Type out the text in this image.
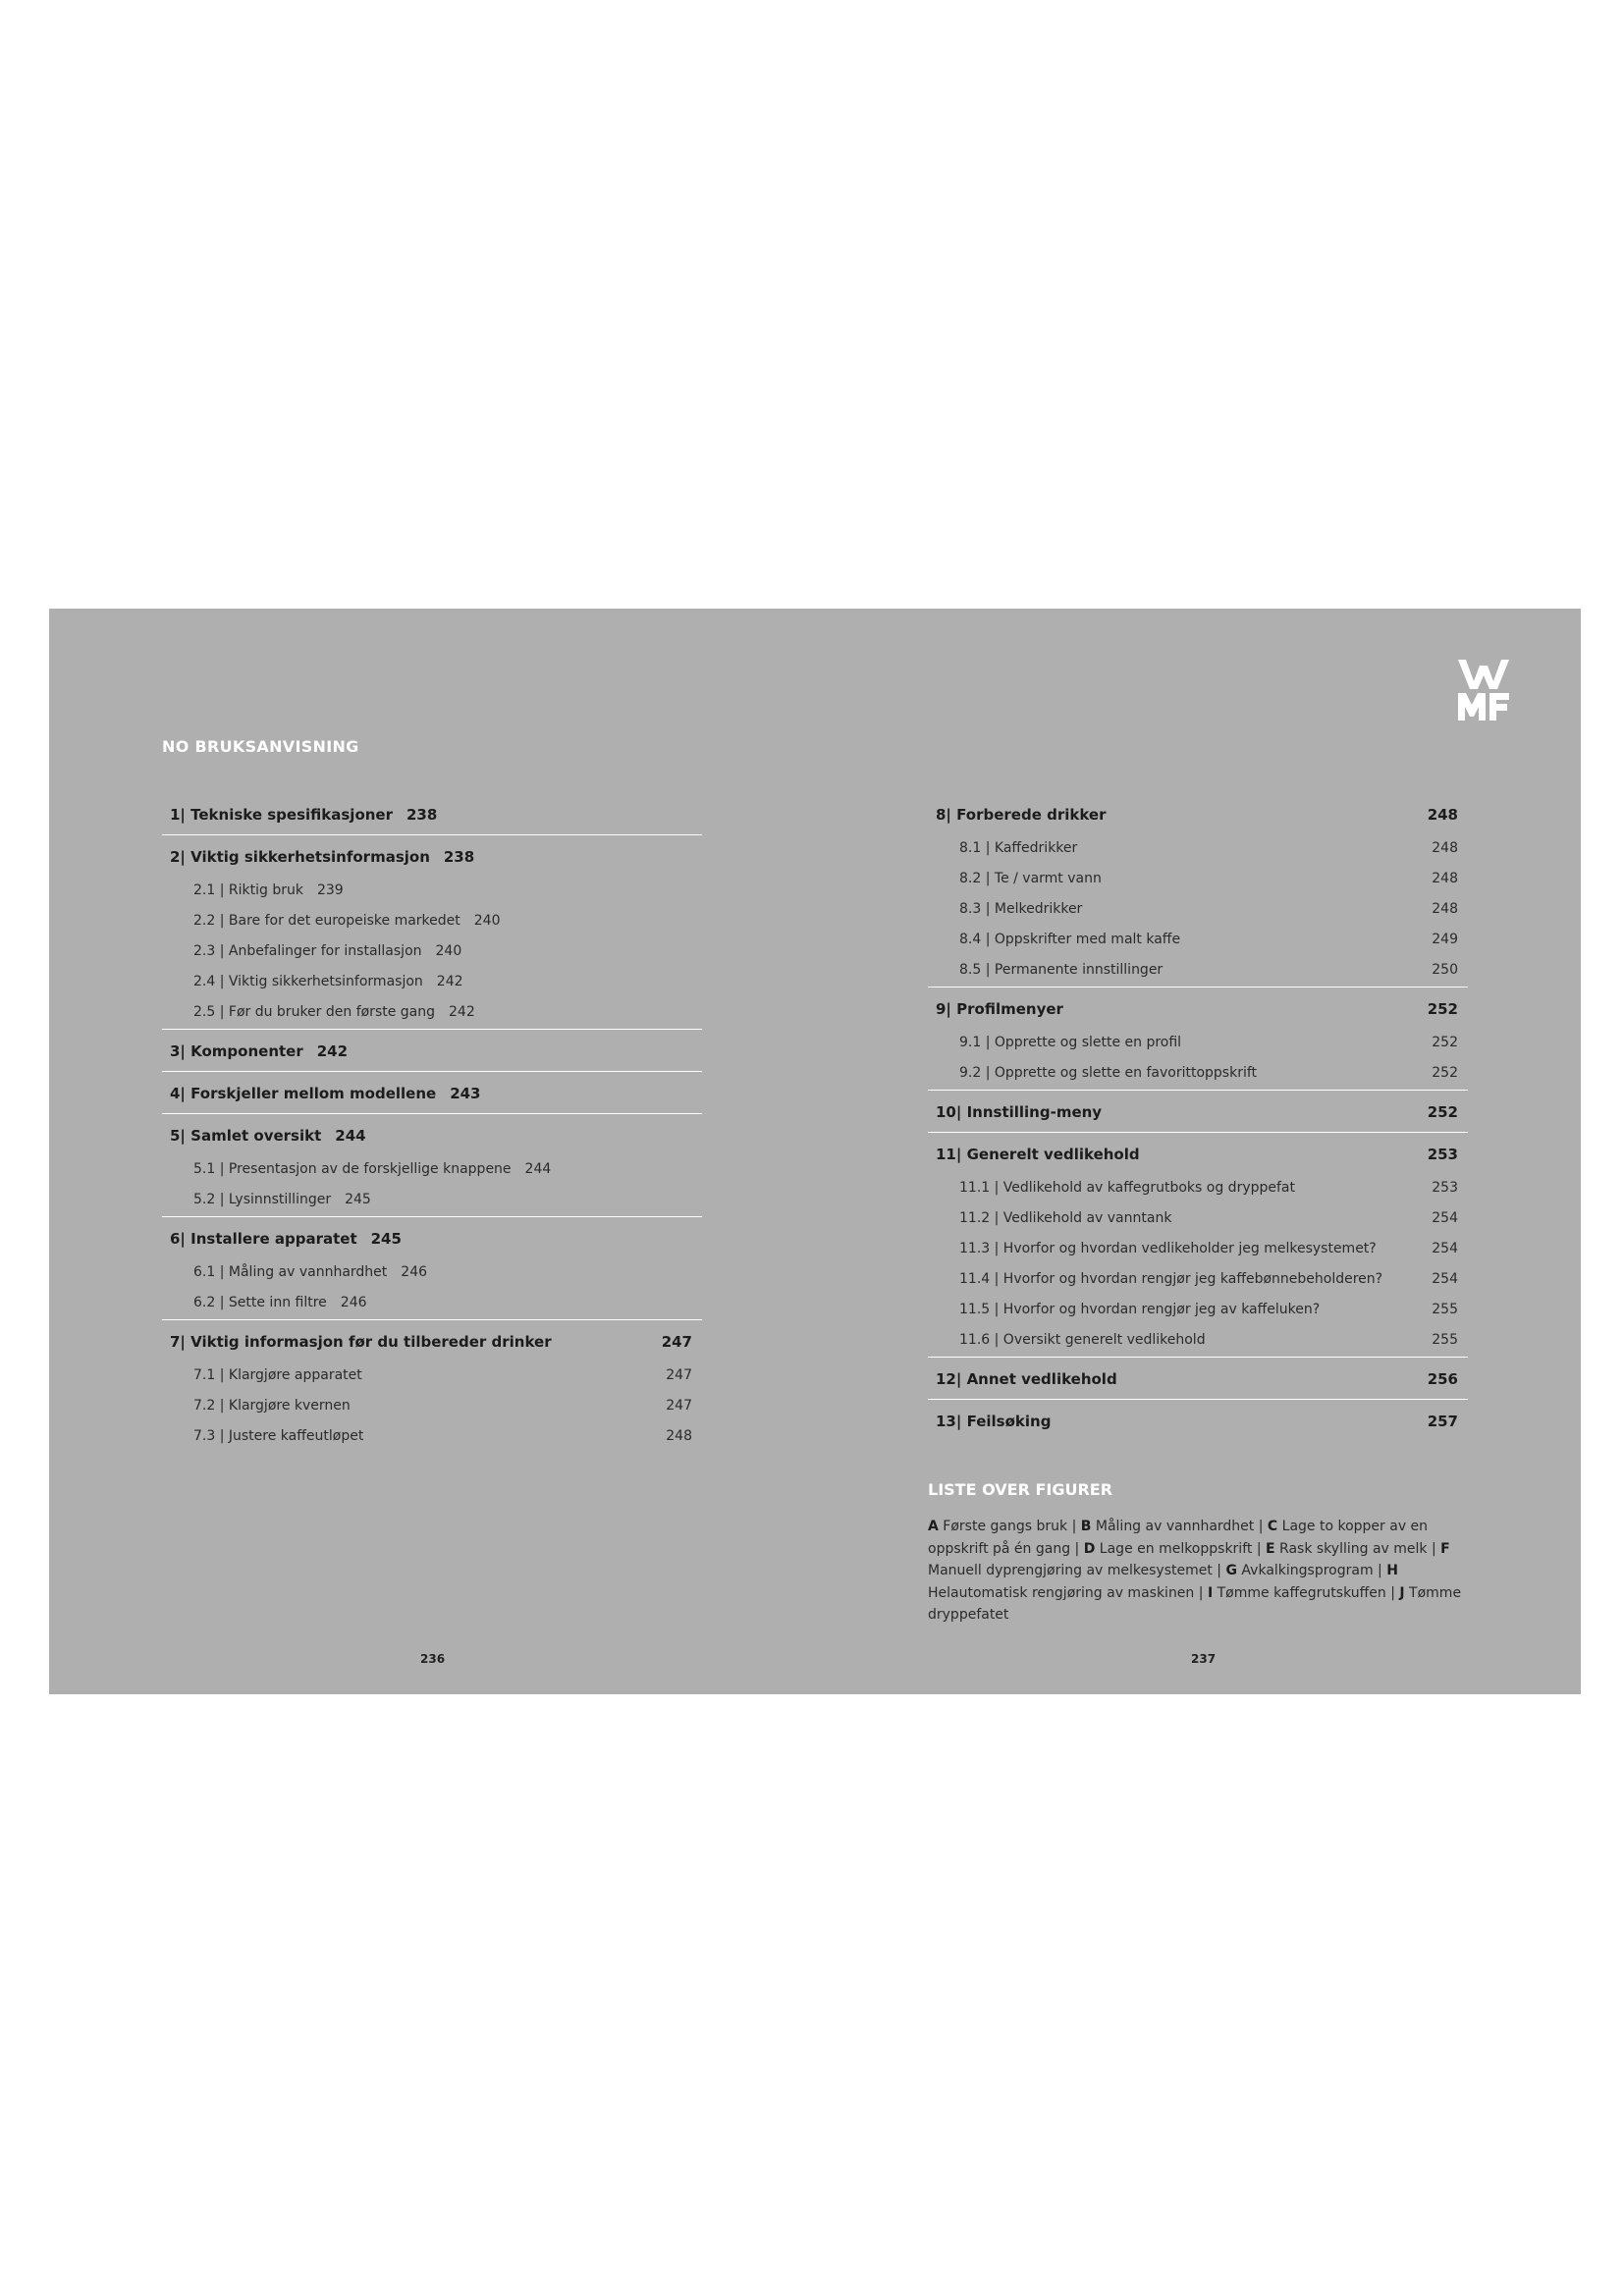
NO BRUKSANVISNING
1| Tekniske spesifikasjoner 238
2| Viktig sikkerhetsinformasjon 238
2.1 | Riktig bruk 239
2.2 | Bare for det europeiske markedet 240
2.3 | Anbefalinger for installasjon 240
2.4 | Viktig sikkerhetsinformasjon 242
2.5 | Før du bruker den første gang 242
3| Komponenter 242
4| Forskjeller mellom modellene 243
5| Samlet oversikt 244
5.1 | Presentasjon av de forskjellige knappene 244
5.2 | Lysinnstillinger 245
6| Installere apparatet 245
6.1 | Måling av vannhardhet 246
6.2 | Sette inn filtre 246
7| Viktig informasjon før du tilbereder drinker	247
7.1 | Klargjøre apparatet	247
7.2 | Klargjøre kvernen	247
7.3 | Justere kaffeutløpet	248
8| Forberede drikker	248
8.1 | Kaffedrikker	248
8.2 | Te / varmt vann	248
8.3 | Melkedrikker	248
8.4 | Oppskrifter med malt kaffe	249
8.5 | Permanente innstillinger	250
9| Profilmenyer	252
9.1 | Opprette og slette en profil	252
9.2 | Opprette og slette en favorittoppskrift	252
10| Innstilling-meny	252
11| Generelt vedlikehold	253
11.1 | Vedlikehold av kaffegrutboks og dryppefat	253
11.2 | Vedlikehold av vanntank	254
11.3 | Hvorfor og hvordan vedlikeholder jeg melkesystemet?	254
11.4 | Hvorfor og hvordan rengjør jeg kaffebønnebeholderen?	254
11.5 | Hvorfor og hvordan rengjør jeg av kaffeluken?	255
11.6 | Oversikt generelt vedlikehold	255
12| Annet vedlikehold	256
13| Feilsøking	257
LISTE OVER FIGURER
A Første gangs bruk | B Måling av vannhardhet | C Lage to kopper av en oppskrift på én gang | D Lage en melkoppskrift | E Rask skylling av melk | F Manuell dyprengjøring av melkesystemet | G Avkalkingsprogram | H Helautomatisk rengjøring av maskinen | I Tømme kaffegrutskuffen | J Tømme dryppefatet
236	237
